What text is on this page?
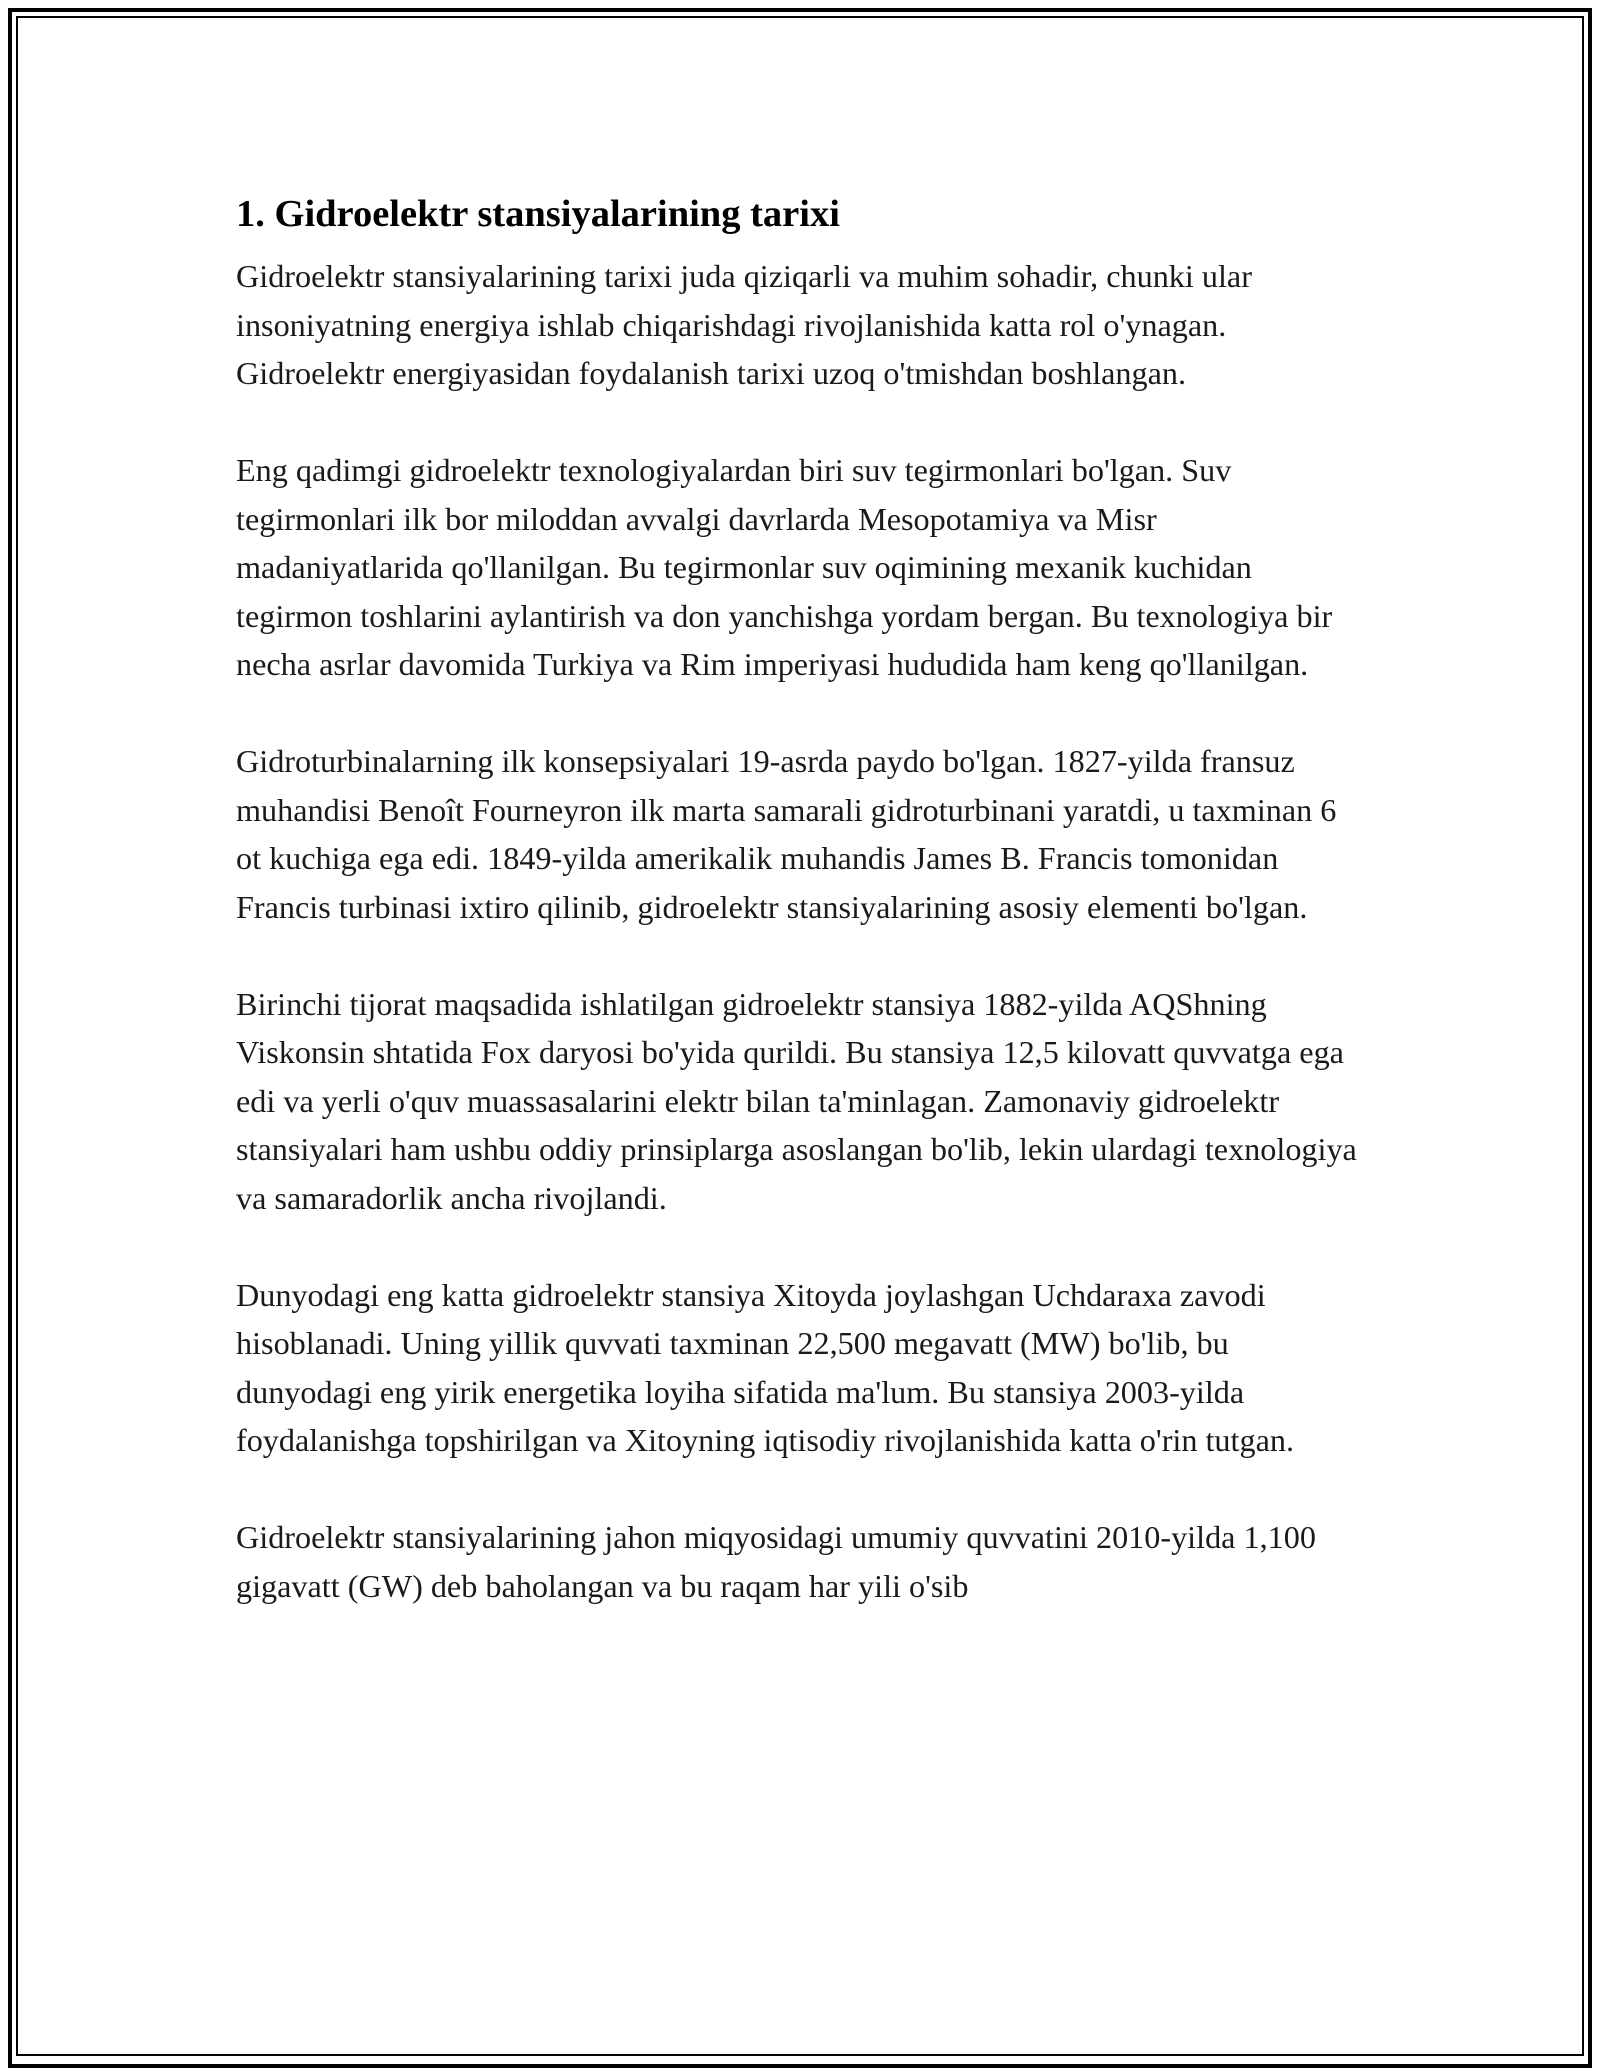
1. Gidroelektr stansiyalarining tarixi

Gidroelektr stansiyalarining tarixi juda qiziqarli va muhim sohadir, chunki ular insoniyatning energiya ishlab chiqarishdagi rivojlanishida katta rol o'ynagan. Gidroelektr energiyasidan foydalanish tarixi uzoq o'tmishdan boshlangan.

Eng qadimgi gidroelektr texnologiyalardan biri suv tegirmonlari bo'lgan. Suv tegirmonlari ilk bor miloddan avvalgi davrlarda Mesopotamiya va Misr madaniyatlarida qo'llanilgan. Bu tegirmonlar suv oqimining mexanik kuchidan tegirmon toshlarini aylantirish va don yanchishga yordam bergan. Bu texnologiya bir necha asrlar davomida Turkiya va Rim imperiyasi hududida ham keng qo'llanilgan.

Gidroturbinalarning ilk konsepsiyalari 19-asrda paydo bo'lgan. 1827-yilda fransuz muhandisi Benoît Fourneyron ilk marta samarali gidroturbinani yaratdi, u taxminan 6 ot kuchiga ega edi. 1849-yilda amerikalik muhandis James B. Francis tomonidan Francis turbinasi ixtiro qilinib, gidroelektr stansiyalarining asosiy elementi bo'lgan.

Birinchi tijorat maqsadida ishlatilgan gidroelektr stansiya 1882-yilda AQShning Viskonsin shtatida Fox daryosi bo'yida qurildi. Bu stansiya 12,5 kilovatt quvvatga ega edi va yerli o'quv muassasalarini elektr bilan ta'minlagan. Zamonaviy gidroelektr stansiyalari ham ushbu oddiy prinsiplarga asoslangan bo'lib, lekin ulardagi texnologiya va samaradorlik ancha rivojlandi.

Dunyodagi eng katta gidroelektr stansiya Xitoyda joylashgan Uchdaraxa zavodi hisoblanadi. Uning yillik quvvati taxminan 22,500 megavatt (MW) bo'lib, bu dunyodagi eng yirik energetika loyiha sifatida ma'lum. Bu stansiya 2003-yilda foydalanishga topshirilgan va Xitoyning iqtisodiy rivojlanishida katta o'rin tutgan.

Gidroelektr stansiyalarining jahon miqyosidagi umumiy quvvatini 2010-yilda 1,100 gigavatt (GW) deb baholangan va bu raqam har yili o'sib
